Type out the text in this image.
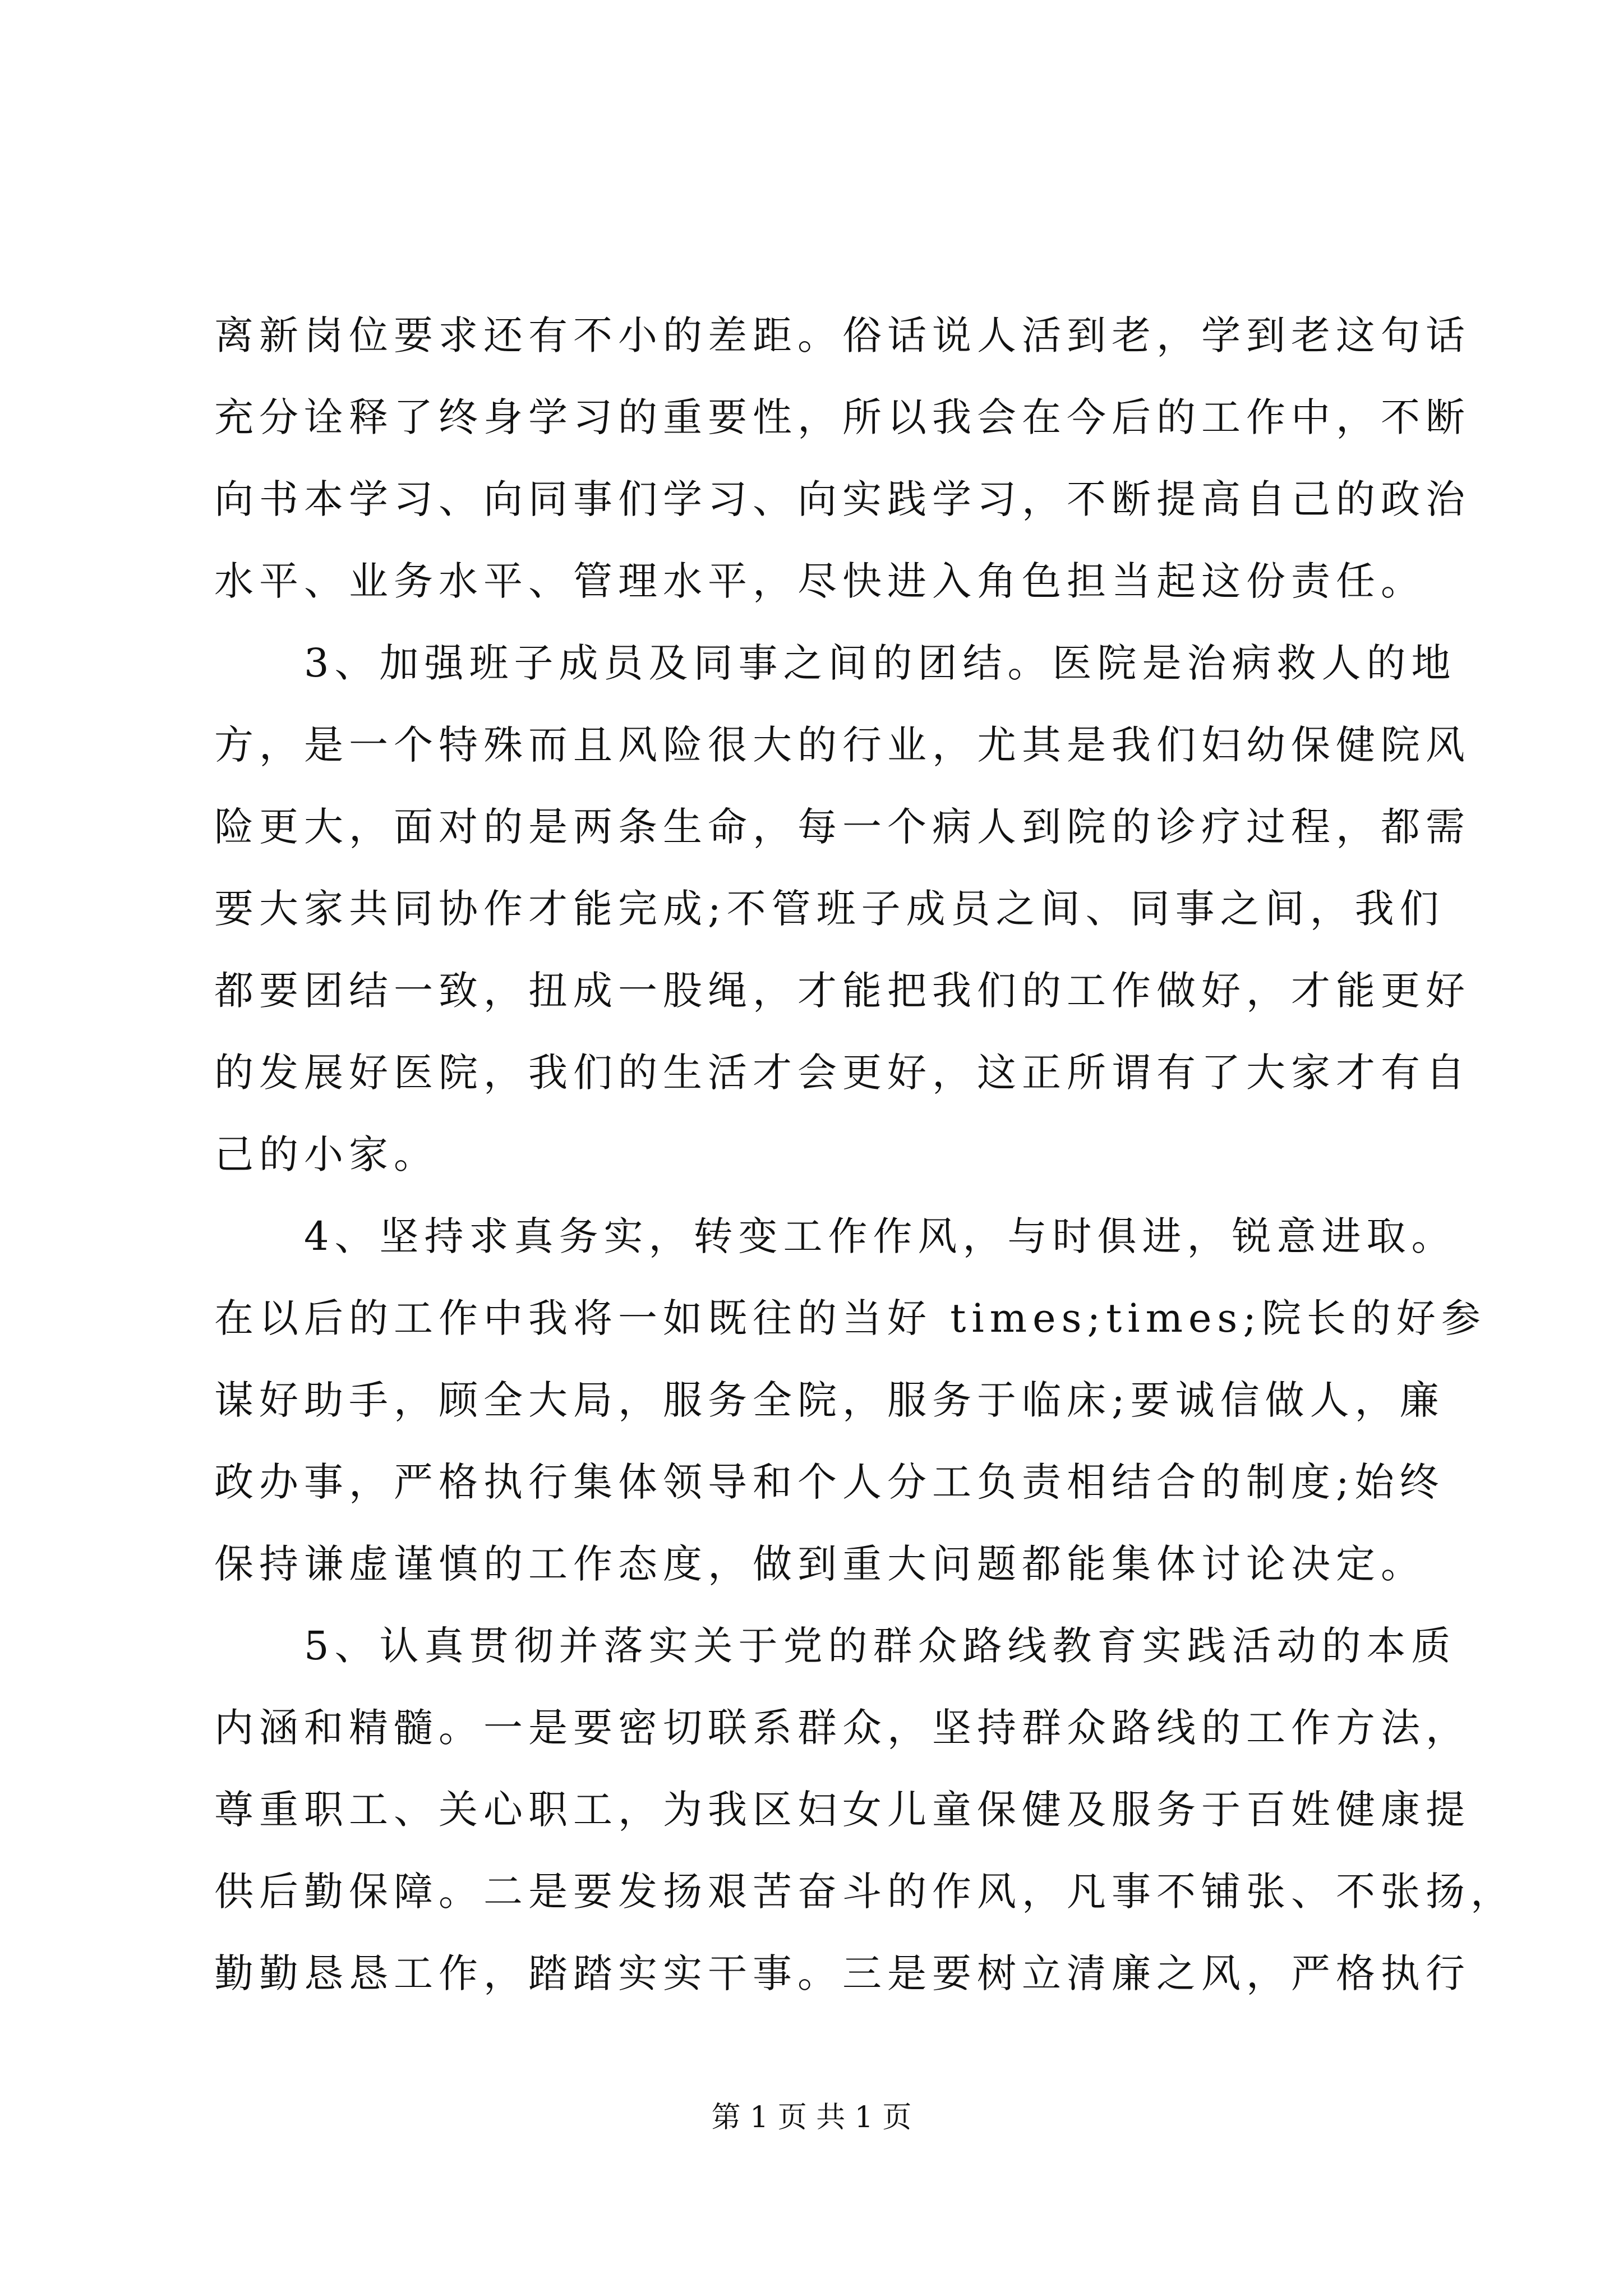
离新岗位要求还有不小的差距。俗话说人活到老，学到老这句话
充分诠释了终身学习的重要性，所以我会在今后的工作中，不断
向书本学习、向同事们学习、向实践学习，不断提高自己的政治
水平、业务水平、管理水平，尽快进入角色担当起这份责任。
　　3、加强班子成员及同事之间的团结。医院是治病救人的地
方，是一个特殊而且风险很大的行业，尤其是我们妇幼保健院风
险更大，面对的是两条生命，每一个病人到院的诊疗过程，都需
要大家共同协作才能完成;不管班子成员之间、同事之间，我们
都要团结一致，扭成一股绳，才能把我们的工作做好，才能更好
的发展好医院，我们的生活才会更好，这正所谓有了大家才有自
己的小家。
　　4、坚持求真务实，转变工作作风，与时俱进，锐意进取。
在以后的工作中我将一如既往的当好 times;times;院长的好参
谋好助手，顾全大局，服务全院，服务于临床;要诚信做人，廉
政办事，严格执行集体领导和个人分工负责相结合的制度;始终
保持谦虚谨慎的工作态度，做到重大问题都能集体讨论决定。
　　5、认真贯彻并落实关于党的群众路线教育实践活动的本质
内涵和精髓。一是要密切联系群众，坚持群众路线的工作方法，
尊重职工、关心职工，为我区妇女儿童保健及服务于百姓健康提
供后勤保障。二是要发扬艰苦奋斗的作风，凡事不铺张、不张扬，
勤勤恳恳工作，踏踏实实干事。三是要树立清廉之风，严格执行
第 1 页 共 1 页
